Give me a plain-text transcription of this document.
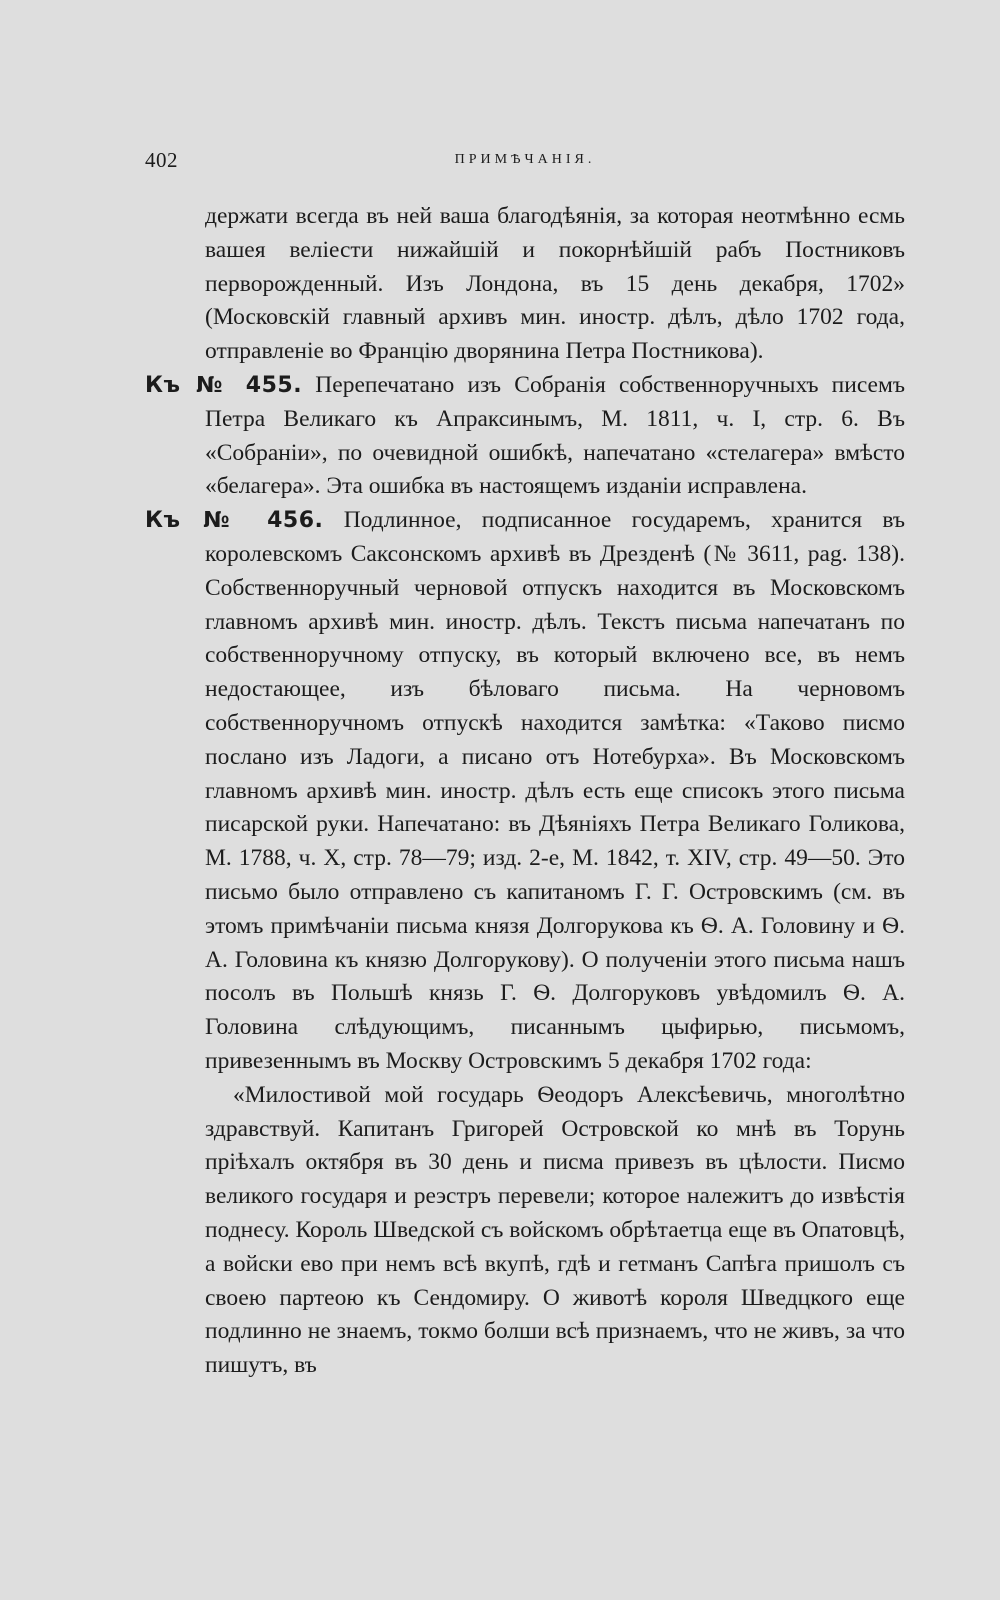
402	ПРИМѢЧАНІЯ.

держати всегда въ ней ваша благодѣянія, за которая неотмѣнно есмь вашея веліести нижайшій и покорнѣйшій рабъ Постниковъ перворожденный. Изъ Лондона, въ 15 день декабря, 1702» (Московскій главный архивъ мин. иностр. дѣлъ, дѣло 1702 года, отправленіе во Францію дворянина Петра Постникова).

Къ № 455. Перепечатано изъ Собранія собственноручныхъ писемъ Петра Великаго къ Апраксинымъ, М. 1811, ч. I, стр. 6. Въ «Собраніи», по очевидной ошибкѣ, напечатано «стелагера» вмѣсто «белагера». Эта ошибка въ настоящемъ изданіи исправлена.

Къ № 456. Подлинное, подписанное государемъ, хранится въ королевскомъ Саксонскомъ архивѣ въ Дрезденѣ (№ 3611, pag. 138). Собственноручный черновой отпускъ находится въ Московскомъ главномъ архивѣ мин. иностр. дѣлъ. Текстъ письма напечатанъ по собственноручному отпуску, въ который включено все, въ немъ недостающее, изъ бѣловаго письма. На черновомъ собственноручномъ отпускѣ находится замѣтка: «Таково писмо послано изъ Ладоги, а писано отъ Нотебурха». Въ Московскомъ главномъ архивѣ мин. иностр. дѣлъ есть еще списокъ этого письма писарской руки. Напечатано: въ Дѣяніяхъ Петра Великаго Голикова, М. 1788, ч. X, стр. 78—79; изд. 2-е, М. 1842, т. XIV, стр. 49—50. Это письмо было отправлено съ капитаномъ Г. Г. Островскимъ (см. въ этомъ примѣчаніи письма князя Долгорукова къ Ѳ. А. Головину и Ѳ. А. Головина къ князю Долгорукову). О полученіи этого письма нашъ посолъ въ Польшѣ князь Г. Ѳ. Долгоруковъ увѣдомилъ Ѳ. А. Головина слѣдующимъ, писаннымъ цыфирью, письмомъ, привезеннымъ въ Москву Островскимъ 5 декабря 1702 года:

«Милостивой мой государь Ѳеодоръ Алексѣевичь, многолѣтно здравствуй. Капитанъ Григорей Островской ко мнѣ въ Торунь пріѣхалъ октября въ 30 день и писма привезъ въ цѣлости. Писмо великого государя и реэстръ перевели; которое належитъ до извѣстія поднесу. Король Шведской съ войскомъ обрѣтаетца еще въ Опатовцѣ, а войски ево при немъ всѣ вкупѣ, гдѣ и гетманъ Сапѣга пришолъ съ своею партеою къ Сендомиру. О животѣ короля Шведцкого еще подлинно не знаемъ, токмо болши всѣ признаемъ, что не живъ, за что пишутъ, въ
